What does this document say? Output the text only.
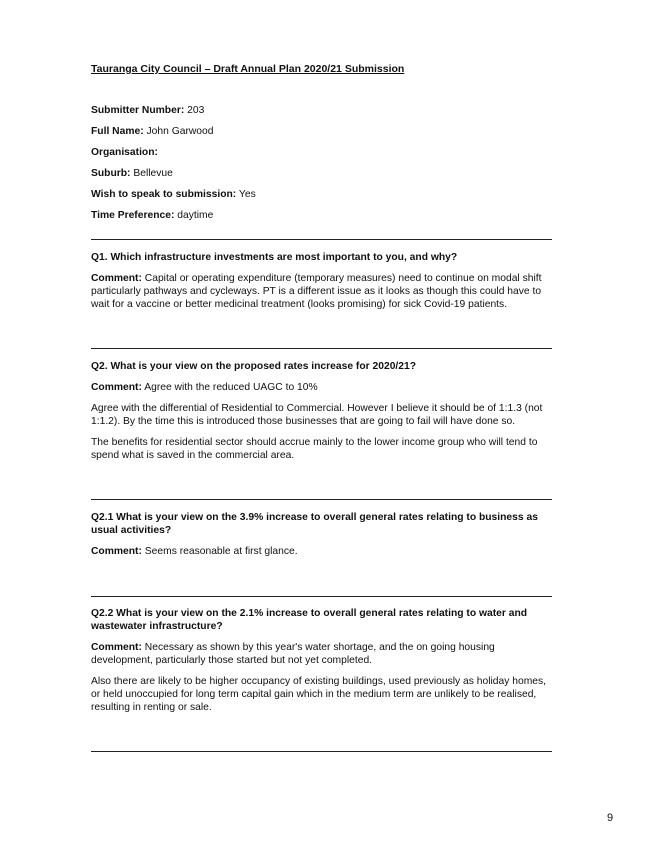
Tauranga City Council – Draft Annual Plan 2020/21 Submission
Submitter Number: 203
Full Name: John Garwood
Organisation:
Suburb: Bellevue
Wish to speak to submission: Yes
Time Preference: daytime

Q1. Which infrastructure investments are most important to you, and why?

Comment: Capital or operating expenditure (temporary measures) need to continue on modal shift particularly pathways and cycleways. PT is a different issue as it looks as though this could have to wait for a vaccine or better medicinal treatment (looks promising) for sick Covid-19 patients.

Q2. What is your view on the proposed rates increase for 2020/21?

Comment: Agree with the reduced UAGC to 10%

Agree with the differential of Residential to Commercial. However I believe it should be of 1:1.3 (not 1:1.2). By the time this is introduced those businesses that are going to fail will have done so.

The benefits for residential sector should accrue mainly to the lower income group who will tend to spend what is saved in the commercial area.

Q2.1 What is your view on the 3.9% increase to overall general rates relating to business as usual activities?

Comment: Seems reasonable at first glance.

Q2.2 What is your view on the 2.1% increase to overall general rates relating to water and wastewater infrastructure?

Comment: Necessary as shown by this year's water shortage, and the on going housing development, particularly those started but not yet completed.

Also there are likely to be higher occupancy of existing buildings, used previously as holiday homes, or held unoccupied for long term capital gain which in the medium term are unlikely to be realised, resulting in renting or sale.

9
